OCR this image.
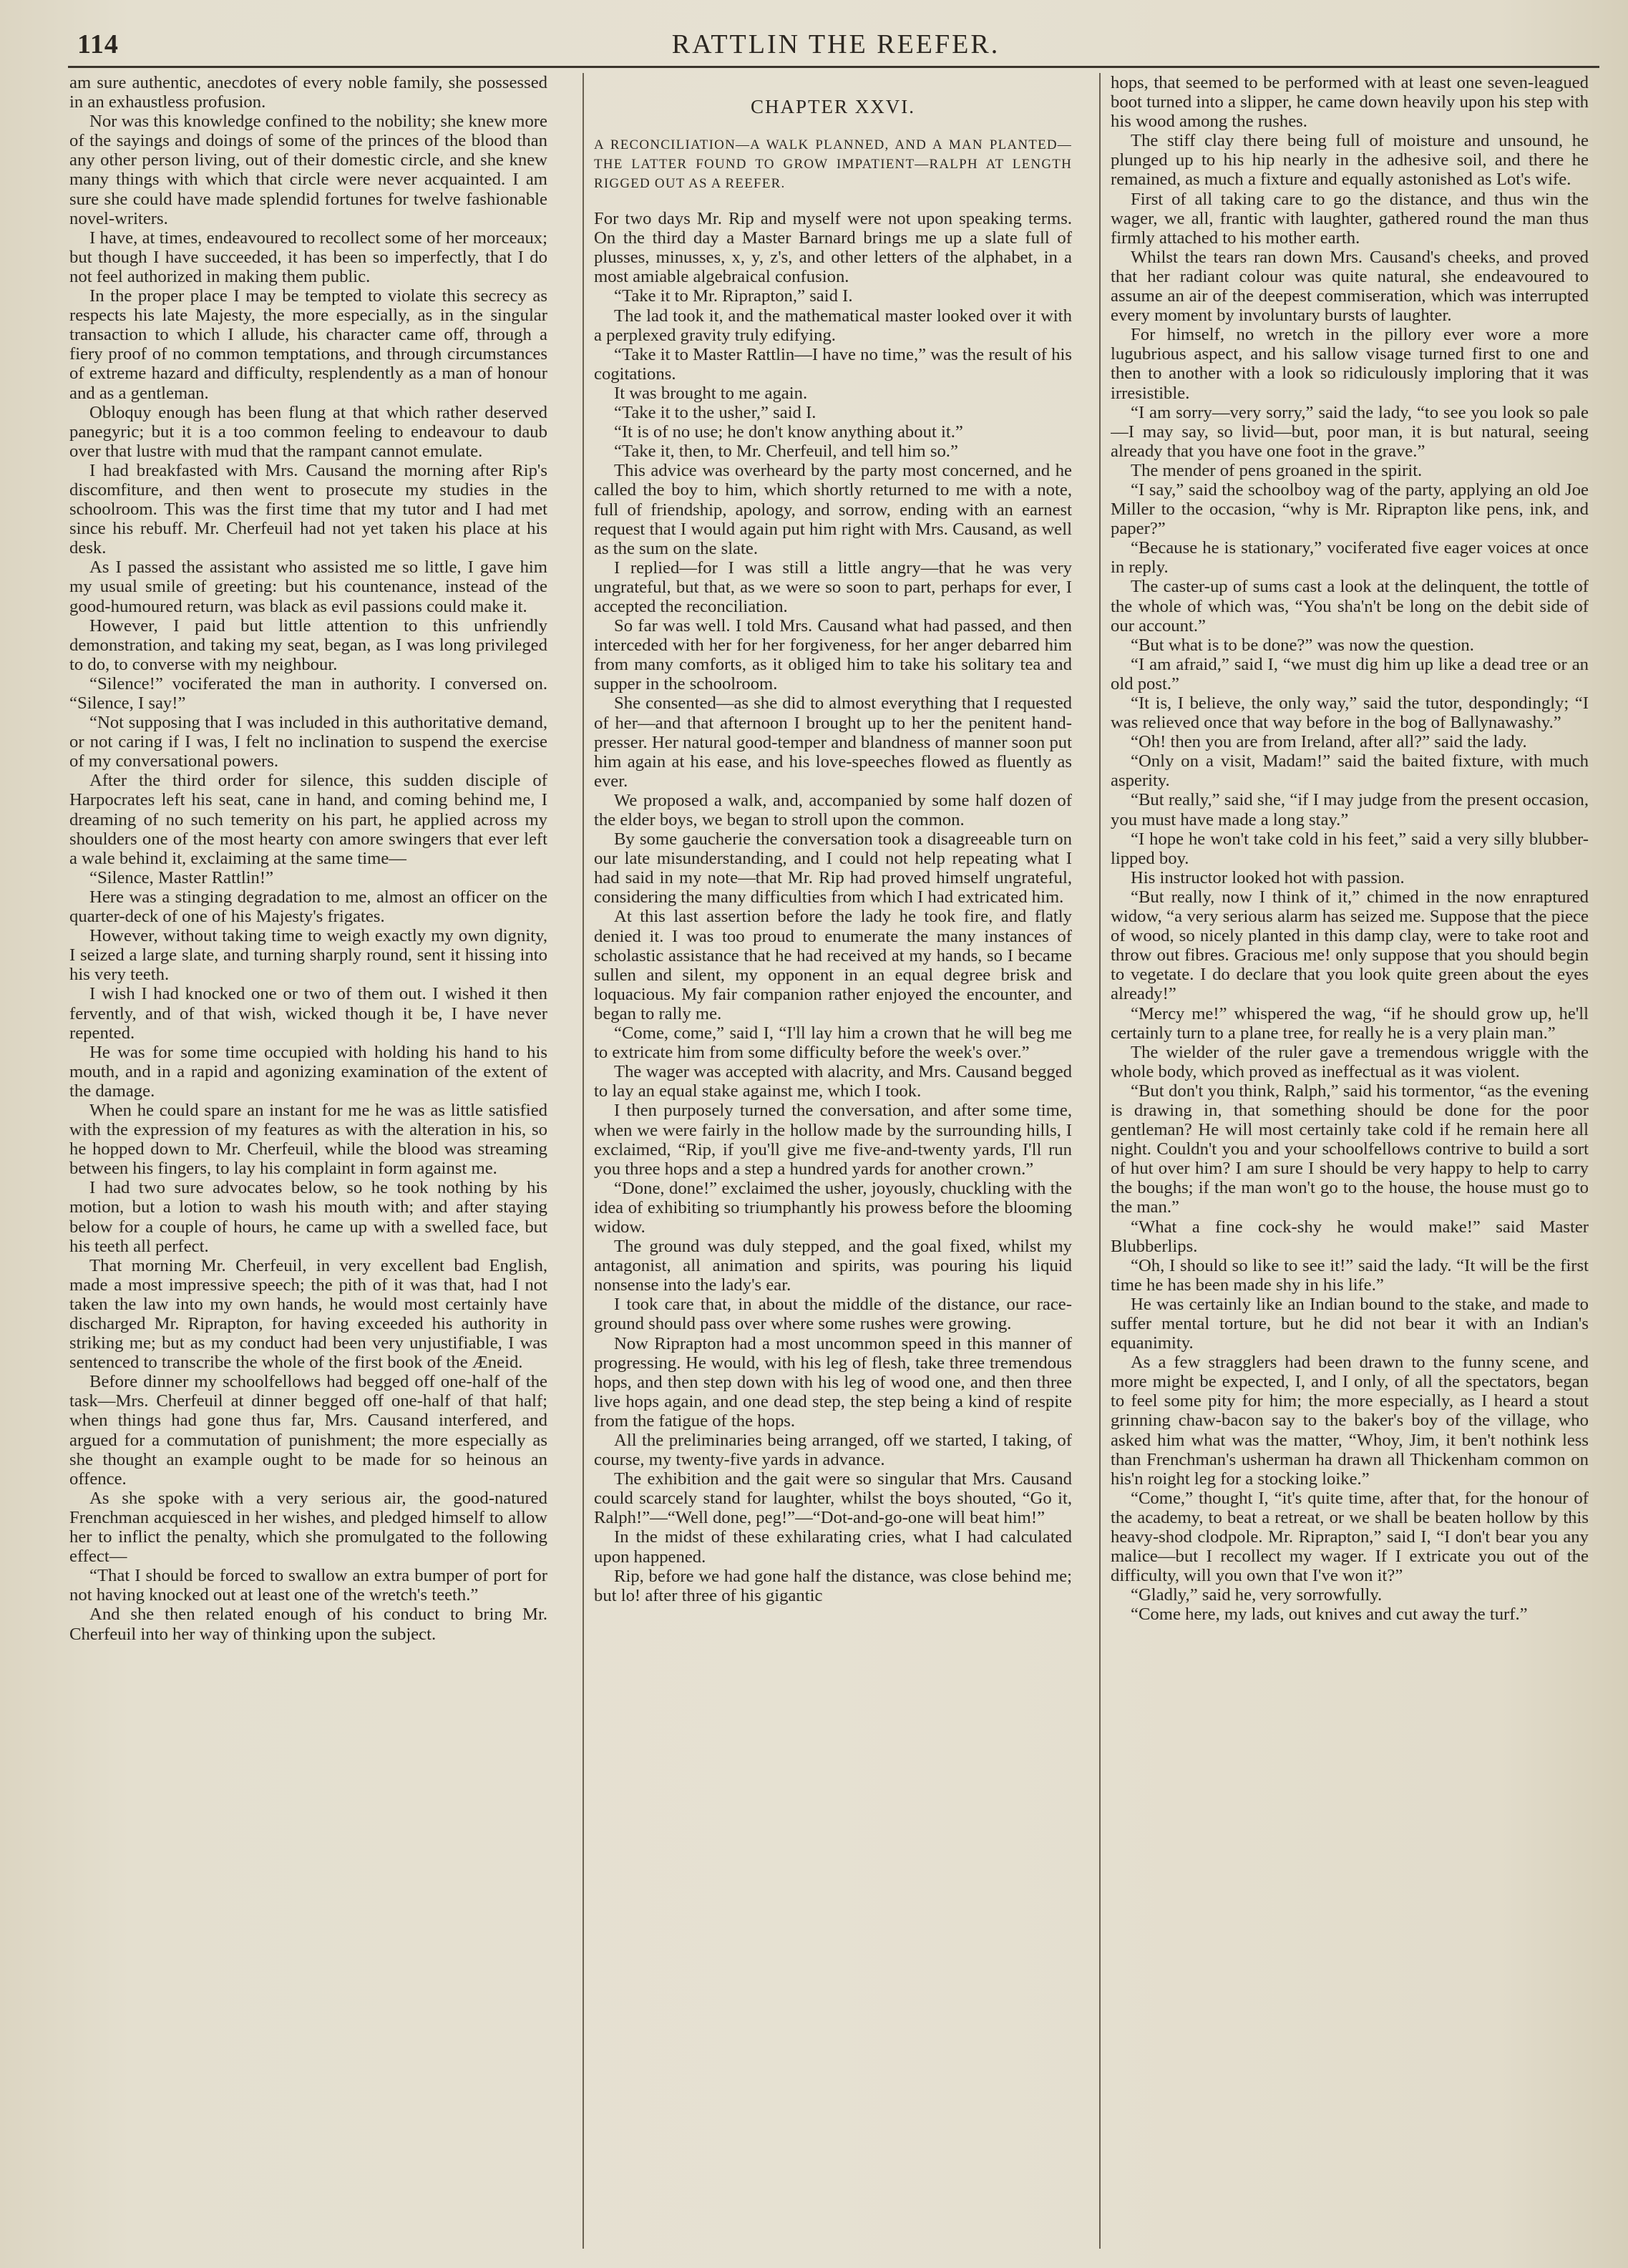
114	RATTLIN THE REEFER.

am sure authentic, anecdotes of every noble family, she possessed in an exhaustless profusion.

Nor was this knowledge confined to the nobility; she knew more of the sayings and doings of some of the princes of the blood than any other person living, out of their domestic circle, and she knew many things with which that circle were never acquainted. I am sure she could have made splendid fortunes for twelve fashionable novel-writers.

I have, at times, endeavoured to recollect some of her morceaux; but though I have succeeded, it has been so imperfectly, that I do not feel authorized in making them public.

In the proper place I may be tempted to violate this secrecy as respects his late Majesty, the more especially, as in the singular transaction to which I allude, his character came off, through a fiery proof of no common temptations, and through circumstances of extreme hazard and difficulty, resplendently as a man of honour and as a gentleman.

Obloquy enough has been flung at that which rather deserved panegyric; but it is a too common feeling to endeavour to daub over that lustre with mud that the rampant cannot emulate.

I had breakfasted with Mrs. Causand the morning after Rip's discomfiture, and then went to prosecute my studies in the schoolroom. This was the first time that my tutor and I had met since his rebuff. Mr. Cherfeuil had not yet taken his place at his desk.

As I passed the assistant who assisted me so little, I gave him my usual smile of greeting: but his countenance, instead of the good-humoured return, was black as evil passions could make it.

However, I paid but little attention to this unfriendly demonstration, and taking my seat, began, as I was long privileged to do, to converse with my neighbour.

“Silence!” vociferated the man in authority. I conversed on. “Silence, I say!”

“Not supposing that I was included in this authoritative demand, or not caring if I was, I felt no inclination to suspend the exercise of my conversational powers.

After the third order for silence, this sudden disciple of Harpocrates left his seat, cane in hand, and coming behind me, I dreaming of no such temerity on his part, he applied across my shoulders one of the most hearty con amore swingers that ever left a wale behind it, exclaiming at the same time—

“Silence, Master Rattlin!”

Here was a stinging degradation to me, almost an officer on the quarter-deck of one of his Majesty's frigates.

However, without taking time to weigh exactly my own dignity, I seized a large slate, and turning sharply round, sent it hissing into his very teeth.

I wish I had knocked one or two of them out. I wished it then fervently, and of that wish, wicked though it be, I have never repented.

He was for some time occupied with holding his hand to his mouth, and in a rapid and agonizing examination of the extent of the damage.

When he could spare an instant for me he was as little satisfied with the expression of my features as with the alteration in his, so he hopped down to Mr. Cherfeuil, while the blood was streaming between his fingers, to lay his complaint in form against me.

I had two sure advocates below, so he took nothing by his motion, but a lotion to wash his mouth with; and after staying below for a couple of hours, he came up with a swelled face, but his teeth all perfect.

That morning Mr. Cherfeuil, in very excellent bad English, made a most impressive speech; the pith of it was that, had I not taken the law into my own hands, he would most certainly have discharged Mr. Riprapton, for having exceeded his authority in striking me; but as my conduct had been very unjustifiable, I was sentenced to transcribe the whole of the first book of the Æneid.

Before dinner my schoolfellows had begged off one-half of the task—Mrs. Cherfeuil at dinner begged off one-half of that half; when things had gone thus far, Mrs. Causand interfered, and argued for a commutation of punishment; the more especially as she thought an example ought to be made for so heinous an offence.

As she spoke with a very serious air, the good-natured Frenchman acquiesced in her wishes, and pledged himself to allow her to inflict the penalty, which she promulgated to the following effect—

“That I should be forced to swallow an extra bumper of port for not having knocked out at least one of the wretch's teeth.”

And she then related enough of his conduct to bring Mr. Cherfeuil into her way of thinking upon the subject.

CHAPTER XXVI.
A RECONCILIATION—A WALK PLANNED, AND A MAN PLANTED—THE LATTER FOUND TO GROW IMPATIENT—RALPH AT LENGTH RIGGED OUT AS A REEFER.

For two days Mr. Rip and myself were not upon speaking terms. On the third day a Master Barnard brings me up a slate full of plusses, minusses, x, y, z's, and other letters of the alphabet, in a most amiable algebraical confusion.

“Take it to Mr. Riprapton,” said I.

The lad took it, and the mathematical master looked over it with a perplexed gravity truly edifying.

“Take it to Master Rattlin—I have no time,” was the result of his cogitations.

It was brought to me again.

“Take it to the usher,” said I.

“It is of no use; he don't know anything about it.”

“Take it, then, to Mr. Cherfeuil, and tell him so.”

This advice was overheard by the party most concerned, and he called the boy to him, which shortly returned to me with a note, full of friendship, apology, and sorrow, ending with an earnest request that I would again put him right with Mrs. Causand, as well as the sum on the slate.

I replied—for I was still a little angry—that he was very ungrateful, but that, as we were so soon to part, perhaps for ever, I accepted the reconciliation.

So far was well. I told Mrs. Causand what had passed, and then interceded with her for her forgiveness, for her anger debarred him from many comforts, as it obliged him to take his solitary tea and supper in the schoolroom.

She consented—as she did to almost everything that I requested of her—and that afternoon I brought up to her the penitent hand-presser. Her natural good-temper and blandness of manner soon put him again at his ease, and his love-speeches flowed as fluently as ever.

We proposed a walk, and, accompanied by some half dozen of the elder boys, we began to stroll upon the common.

By some gaucherie the conversation took a disagreeable turn on our late misunderstanding, and I could not help repeating what I had said in my note—that Mr. Rip had proved himself ungrateful, considering the many difficulties from which I had extricated him.

At this last assertion before the lady he took fire, and flatly denied it. I was too proud to enumerate the many instances of scholastic assistance that he had received at my hands, so I became sullen and silent, my opponent in an equal degree brisk and loquacious. My fair companion rather enjoyed the encounter, and began to rally me.

“Come, come,” said I, “I'll lay him a crown that he will beg me to extricate him from some difficulty before the week's over.”

The wager was accepted with alacrity, and Mrs. Causand begged to lay an equal stake against me, which I took.

I then purposely turned the conversation, and after some time, when we were fairly in the hollow made by the surrounding hills, I exclaimed, “Rip, if you'll give me five-and-twenty yards, I'll run you three hops and a step a hundred yards for another crown.”

“Done, done!” exclaimed the usher, joyously, chuckling with the idea of exhibiting so triumphantly his prowess before the blooming widow.

The ground was duly stepped, and the goal fixed, whilst my antagonist, all animation and spirits, was pouring his liquid nonsense into the lady's ear.

I took care that, in about the middle of the distance, our race-ground should pass over where some rushes were growing.

Now Riprapton had a most uncommon speed in this manner of progressing. He would, with his leg of flesh, take three tremendous hops, and then step down with his leg of wood one, and then three live hops again, and one dead step, the step being a kind of respite from the fatigue of the hops.

All the preliminaries being arranged, off we started, I taking, of course, my twenty-five yards in advance.

The exhibition and the gait were so singular that Mrs. Causand could scarcely stand for laughter, whilst the boys shouted, “Go it, Ralph!”—“Well done, peg!”—“Dot-and-go-one will beat him!”

In the midst of these exhilarating cries, what I had calculated upon happened.

Rip, before we had gone half the distance, was close behind me; but lo! after three of his gigantic

hops, that seemed to be performed with at least one seven-leagued boot turned into a slipper, he came down heavily upon his step with his wood among the rushes.

The stiff clay there being full of moisture and unsound, he plunged up to his hip nearly in the adhesive soil, and there he remained, as much a fixture and equally astonished as Lot's wife.

First of all taking care to go the distance, and thus win the wager, we all, frantic with laughter, gathered round the man thus firmly attached to his mother earth.

Whilst the tears ran down Mrs. Causand's cheeks, and proved that her radiant colour was quite natural, she endeavoured to assume an air of the deepest commiseration, which was interrupted every moment by involuntary bursts of laughter.

For himself, no wretch in the pillory ever wore a more lugubrious aspect, and his sallow visage turned first to one and then to another with a look so ridiculously imploring that it was irresistible.

“I am sorry—very sorry,” said the lady, “to see you look so pale—I may say, so livid—but, poor man, it is but natural, seeing already that you have one foot in the grave.”

The mender of pens groaned in the spirit.

“I say,” said the schoolboy wag of the party, applying an old Joe Miller to the occasion, “why is Mr. Riprapton like pens, ink, and paper?”

“Because he is stationary,” vociferated five eager voices at once in reply.

The caster-up of sums cast a look at the delinquent, the tottle of the whole of which was, “You sha'n't be long on the debit side of our account.”

“But what is to be done?” was now the question.

“I am afraid,” said I, “we must dig him up like a dead tree or an old post.”

“It is, I believe, the only way,” said the tutor, despondingly; “I was relieved once that way before in the bog of Ballynawashy.”

“Oh! then you are from Ireland, after all?” said the lady.

“Only on a visit, Madam!” said the baited fixture, with much asperity.

“But really,” said she, “if I may judge from the present occasion, you must have made a long stay.”

“I hope he won't take cold in his feet,” said a very silly blubber-lipped boy.

His instructor looked hot with passion.

“But really, now I think of it,” chimed in the now enraptured widow, “a very serious alarm has seized me. Suppose that the piece of wood, so nicely planted in this damp clay, were to take root and throw out fibres. Gracious me! only suppose that you should begin to vegetate. I do declare that you look quite green about the eyes already!”

“Mercy me!” whispered the wag, “if he should grow up, he'll certainly turn to a plane tree, for really he is a very plain man.”

The wielder of the ruler gave a tremendous wriggle with the whole body, which proved as ineffectual as it was violent.

“But don't you think, Ralph,” said his tormentor, “as the evening is drawing in, that something should be done for the poor gentleman? He will most certainly take cold if he remain here all night. Couldn't you and your schoolfellows contrive to build a sort of hut over him? I am sure I should be very happy to help to carry the boughs; if the man won't go to the house, the house must go to the man.”

“What a fine cock-shy he would make!” said Master Blubberlips.

“Oh, I should so like to see it!” said the lady. “It will be the first time he has been made shy in his life.”

He was certainly like an Indian bound to the stake, and made to suffer mental torture, but he did not bear it with an Indian's equanimity.

As a few stragglers had been drawn to the funny scene, and more might be expected, I, and I only, of all the spectators, began to feel some pity for him; the more especially, as I heard a stout grinning chaw-bacon say to the baker's boy of the village, who asked him what was the matter, “Whoy, Jim, it ben't nothink less than Frenchman's usherman ha drawn all Thickenham common on his'n roight leg for a stocking loike.”

“Come,” thought I, “it's quite time, after that, for the honour of the academy, to beat a retreat, or we shall be beaten hollow by this heavy-shod clodpole. Mr. Riprapton,” said I, “I don't bear you any malice—but I recollect my wager. If I extricate you out of the difficulty, will you own that I've won it?”

“Gladly,” said he, very sorrowfully.

“Come here, my lads, out knives and cut away the turf.”
